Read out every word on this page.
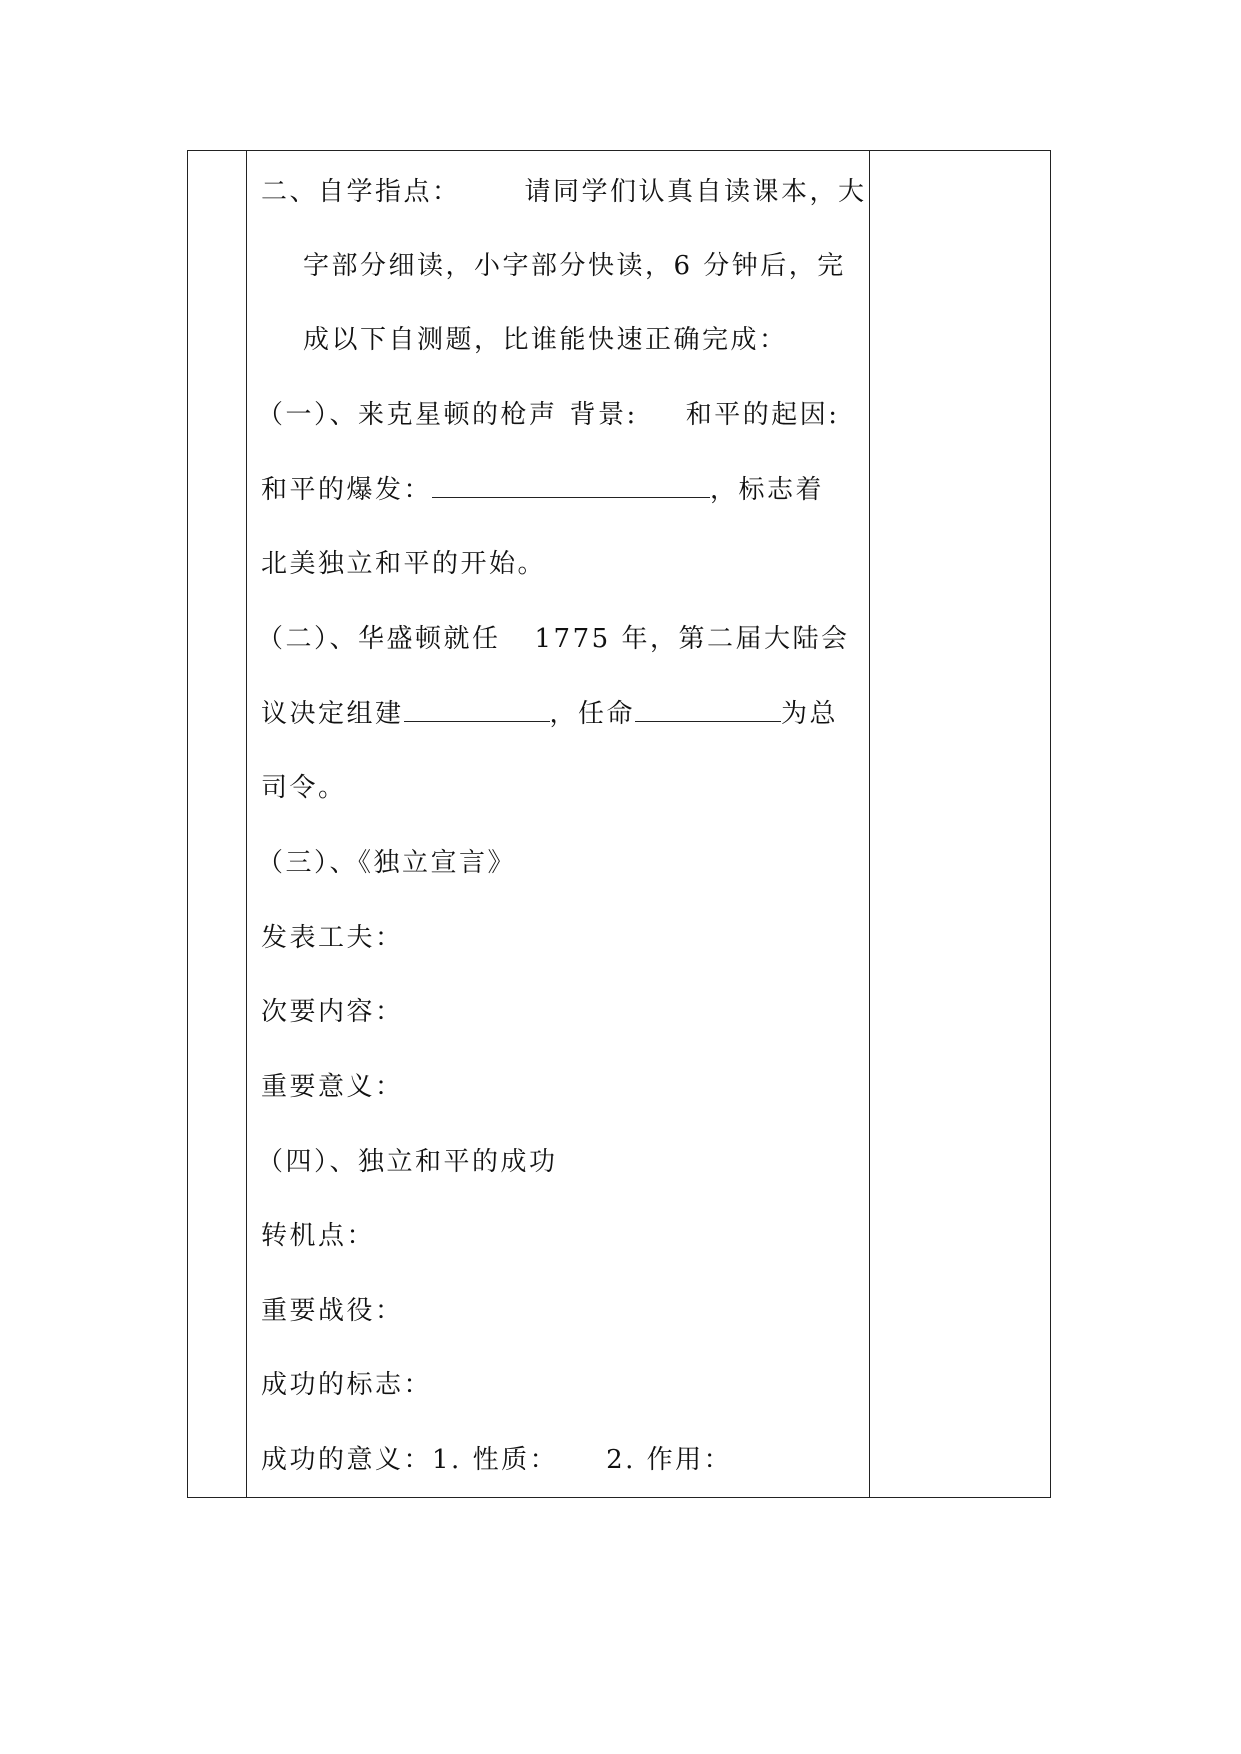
二、自学指点： 请同学们认真自读课本，大
字部分细读，小字部分快读，6 分钟后，完
成以下自测题，比谁能快速正确完成：
（一）、来克星顿的枪声 背景: 和平的起因:
和平的爆发：	，标志着
北美独立和平的开始。
（二）、华盛顿就任 1775 年，第二届大陆会
议决定组建	，任命	为总
司令。
（三）、《独立宣言》
发表工夫：
次要内容：
重要意义：
（四）、独立和平的成功
转机点：
重要战役：
成功的标志：
成功的意义：1. 性质： 2. 作用：
